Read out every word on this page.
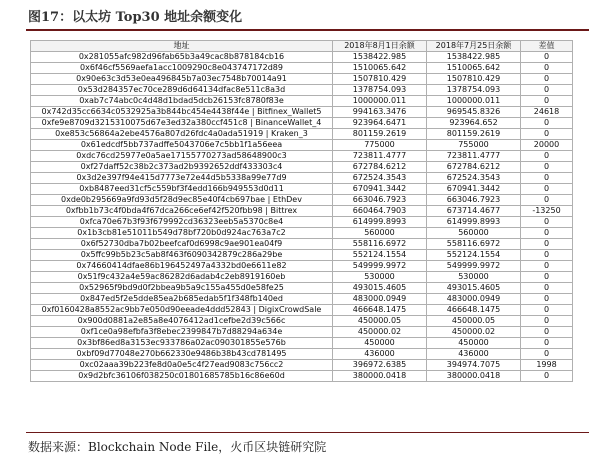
图17：以太坊 Top30 地址余额变化
地址	2018年8月1日余额	2018年7月25日余额	差值
0x281055afc982d96fab65b3a49cac8b878184cb16	1538422.985	1538422.985	0
0x6f46cf5569aefa1acc1009290c8e043747172d89	1510065.642	1510065.642	0
0x90e63c3d53e0ea496845b7a03ec7548b70014a91	1507810.429	1507810.429	0
0x53d284357ec70ce289d6d64134dfac8e511c8a3d	1378754.093	1378754.093	0
0xab7c74abc0c4d48d1bdad5dcb26153fc8780f83e	1000000.011	1000000.011	0
0x742d35cc6634c0532925a3b844bc454e4438f44e | Bitfinex_Wallet5	994163.3476	969545.8326	24618
0xfe9e8709d3215310075d67e3ed32a380ccf451c8 | BinanceWallet_4	923964.6471	923964.652	0
0xe853c56864a2ebe4576a807d26fdc4a0ada51919 | Kraken_3	801159.2619	801159.2619	0
0x61edcdf5bb737adffe5043706e7c5bb1f1a56eea	775000	755000	20000
0xdc76cd25977e0a5ae17155770273ad58648900c3	723811.4777	723811.4777	0
0xf27daff52c38b2c373ad2b9392652ddf433303c4	672784.6212	672784.6212	0
0x3d2e397f94e415d7773e72e44d5b5338a99e77d9	672524.3543	672524.3543	0
0xb8487eed31cf5c559bf3f4edd166b949553d0d11	670941.3442	670941.3442	0
0xde0b295669a9fd93d5f28d9ec85e40f4cb697bae | EthDev	663046.7923	663046.7923	0
0xfbb1b73c4f0bda4f67dca266ce6ef42f520fbb98 | Bittrex	660464.7903	673714.4677	-13250
0xfca70e67b3f93f679992cd36323eeb5a5370c8e4	614999.8993	614999.8993	0
0x1b3cb81e51011b549d78bf720b0d924ac763a7c2	560000	560000	0
0x6f52730dba7b02beefcaf0d6998c9ae901ea04f9	558116.6972	558116.6972	0
0x5ffc99b5b23c5ab8f463f6090342879c286a29be	552124.1554	552124.1554	0
0x74660414dfae86b196452497a4332bd0e6611e82	549999.9972	549999.9972	0
0x51f9c432a4e59ac86282d6adab4c2eb8919160eb	530000	530000	0
0x52965f9bd9d0f2bbea9b5a9c155a455d0e58fe25	493015.4605	493015.4605	0
0x847ed5f2e5dde85ea2b685edab5f1f348fb140ed	483000.0949	483000.0949	0
0xf0160428a8552ac9bb7e050d90eeade4ddd52843 | DigixCrowdSale	466648.1475	466648.1475	0
0x900d0881a2e85a8e4076412ad1cefbe2d39c566c	450000.05	450000.05	0
0xf1ce0a98efbfa3f8ebec2399847b7d88294a634e	450000.02	450000.02	0
0x3bf86ed8a3153ec933786a02ac090301855e576b	450000	450000	0
0xbf09d77048e270b662330e9486b38b43cd781495	436000	436000	0
0xc02aaa39b223fe8d0a0e5c4f27ead9083c756cc2	396972.6385	394974.7075	1998
0x9d2bfc36106f038250c01801685785b16c86e60d	380000.0418	380000.0418	0
数据来源：Blockchain Node File，火币区块链研究院
